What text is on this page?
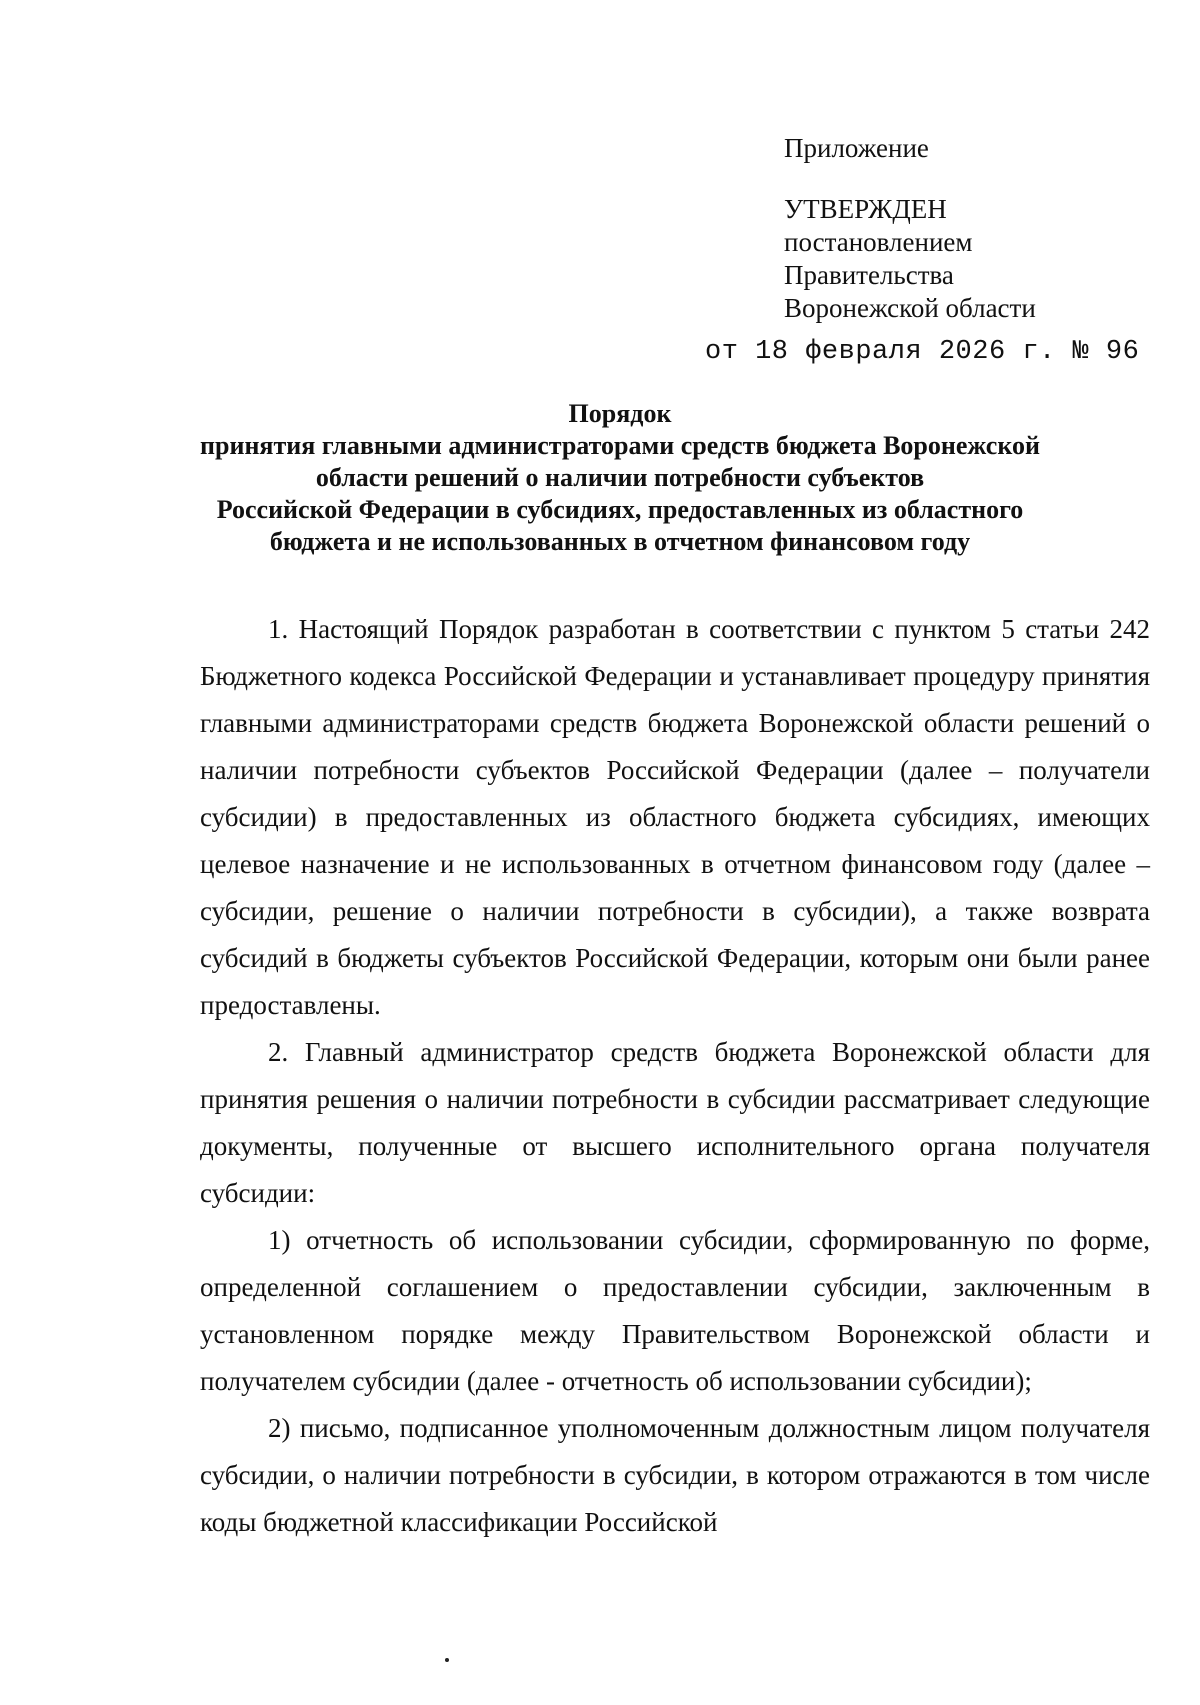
Приложение
УТВЕРЖДЕН
постановлением
Правительства
Воронежской области
от 18 февраля 2026 г. № 96
Порядок
принятия главными администраторами средств бюджета Воронежской
области решений о наличии потребности субъектов
Российской Федерации в субсидиях, предоставленных из областного
бюджета и не использованных в отчетном финансовом году

1. Настоящий Порядок разработан в соответствии с пунктом 5 статьи 242 Бюджетного кодекса Российской Федерации и устанавливает процедуру принятия главными администраторами средств бюджета Воронежской области решений о наличии потребности субъектов Российской Федерации (далее – получатели субсидии) в предоставленных из областного бюджета субсидиях, имеющих целевое назначение и не использованных в отчетном финансовом году (далее – субсидии, решение о наличии потребности в субсидии), а также возврата субсидий в бюджеты субъектов Российской Федерации, которым они были ранее предоставлены.

2. Главный администратор средств бюджета Воронежской области для принятия решения о наличии потребности в субсидии рассматривает следующие документы, полученные от высшего исполнительного органа получателя субсидии:

1) отчетность об использовании субсидии, сформированную по форме, определенной соглашением о предоставлении субсидии, заключенным в установленном порядке между Правительством Воронежской области и получателем субсидии (далее - отчетность об использовании субсидии);

2) письмо, подписанное уполномоченным должностным лицом получателя субсидии, о наличии потребности в субсидии, в котором отражаются в том числе коды бюджетной классификации Российской
